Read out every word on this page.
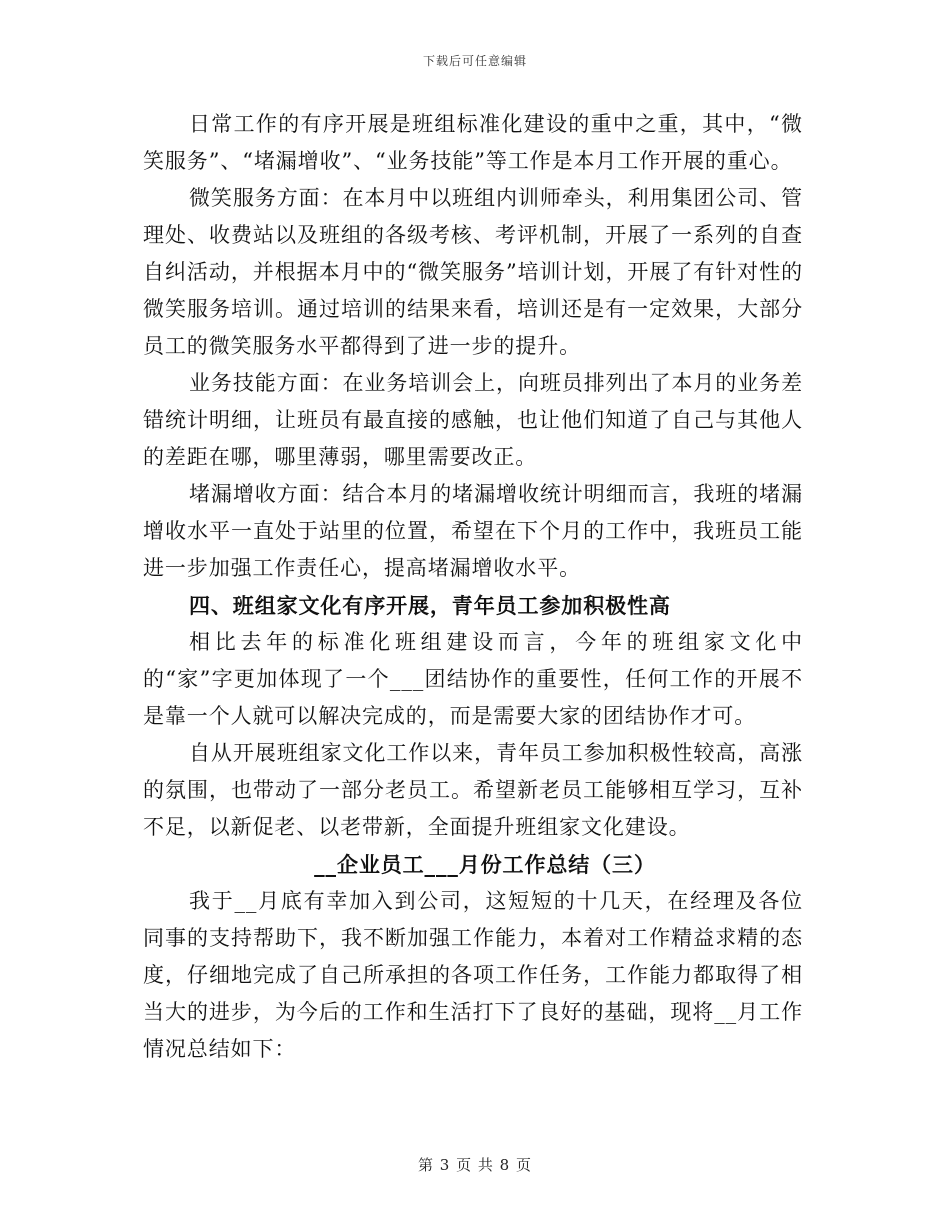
下载后可任意编辑

日常工作的有序开展是班组标准化建设的重中之重，其中，“微笑服务”、“堵漏增收”、“业务技能”等工作是本月工作开展的重心。

微笑服务方面：在本月中以班组内训师牵头，利用集团公司、管理处、收费站以及班组的各级考核、考评机制，开展了一系列的自查自纠活动，并根据本月中的“微笑服务”培训计划，开展了有针对性的微笑服务培训。通过培训的结果来看，培训还是有一定效果，大部分员工的微笑服务水平都得到了进一步的提升。

业务技能方面：在业务培训会上，向班员排列出了本月的业务差错统计明细，让班员有最直接的感触，也让他们知道了自己与其他人的差距在哪，哪里薄弱，哪里需要改正。

堵漏增收方面：结合本月的堵漏增收统计明细而言，我班的堵漏增收水平一直处于站里的位置，希望在下个月的工作中，我班员工能进一步加强工作责任心，提高堵漏增收水平。

四、班组家文化有序开展，青年员工参加积极性高

相比去年的标准化班组建设而言，今年的班组家文化中的“家”字更加体现了一个___团结协作的重要性，任何工作的开展不是靠一个人就可以解决完成的，而是需要大家的团结协作才可。

自从开展班组家文化工作以来，青年员工参加积极性较高，高涨的氛围，也带动了一部分老员工。希望新老员工能够相互学习，互补不足，以新促老、以老带新，全面提升班组家文化建设。

__企业员工___月份工作总结（三）

我于__月底有幸加入到公司，这短短的十几天，在经理及各位同事的支持帮助下，我不断加强工作能力，本着对工作精益求精的态度，仔细地完成了自己所承担的各项工作任务，工作能力都取得了相当大的进步，为今后的工作和生活打下了良好的基础，现将__月工作情况总结如下：

第 3 页 共 8 页
